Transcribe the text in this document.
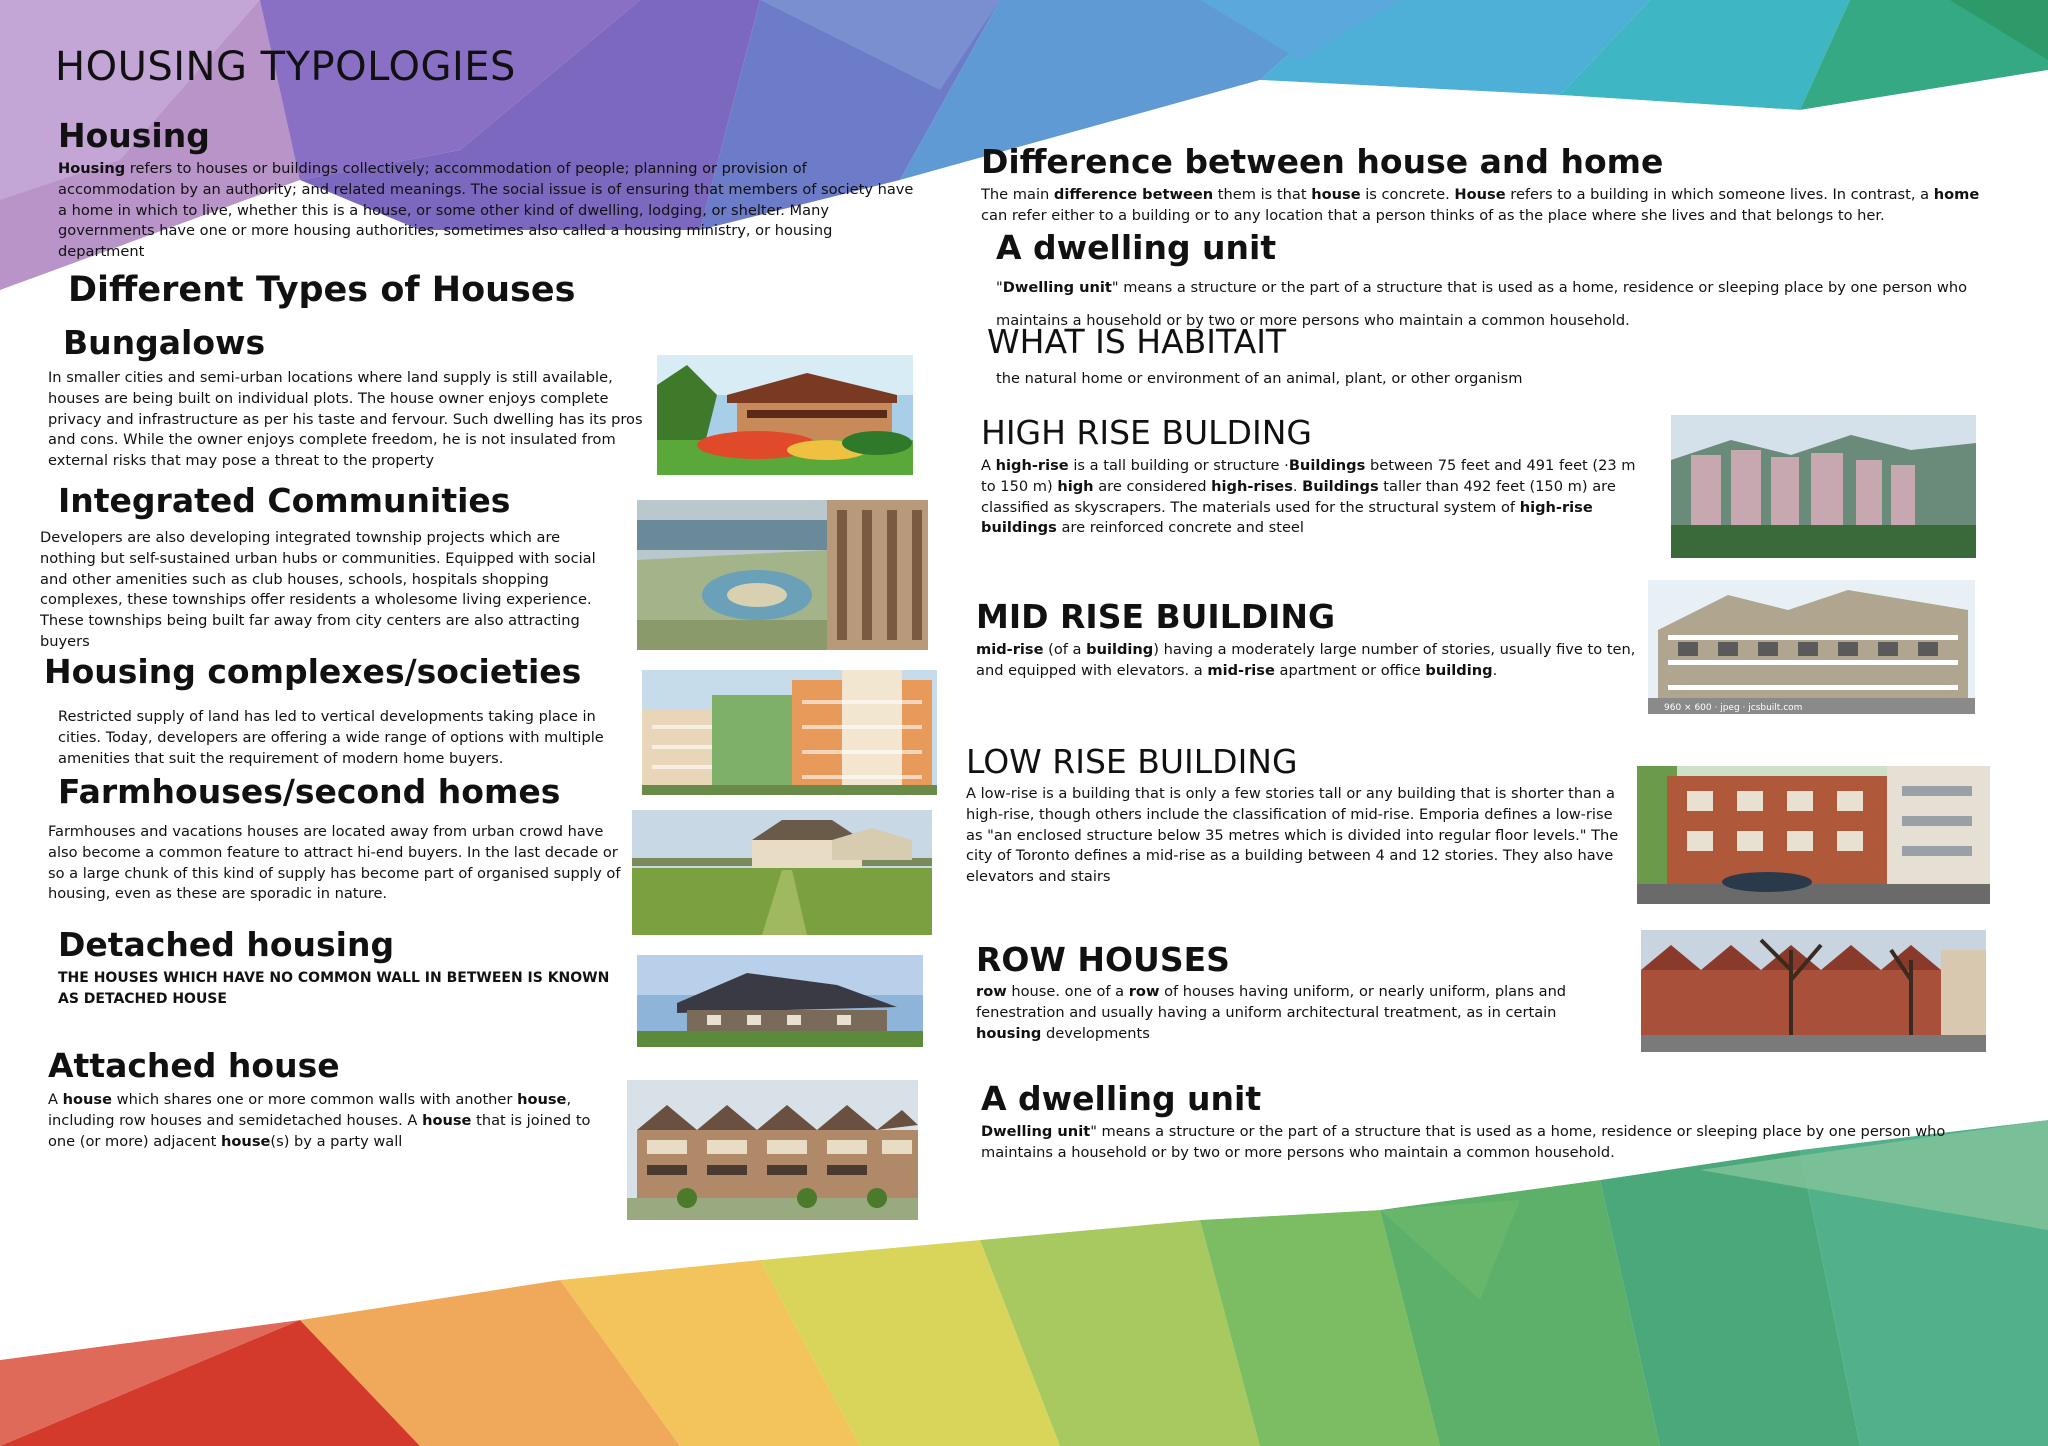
HOUSING TYPOLOGIES
Housing

Housing refers to houses or buildings collectively; accommodation of people; planning or provision of accommodation by an authority; and related meanings. The social issue is of ensuring that members of society have a home in which to live, whether this is a house, or some other kind of dwelling, lodging, or shelter. Many governments have one or more housing authorities, sometimes also called a housing ministry, or housing department

Different Types of Houses
Bungalows

In smaller cities and semi-urban locations where land supply is still available, houses are being built on individual plots. The house owner enjoys complete privacy and infrastructure as per his taste and fervour. Such dwelling has its pros and cons. While the owner enjoys complete freedom, he is not insulated from external risks that may pose a threat to the property

Integrated Communities

Developers are also developing integrated township projects which are nothing but self-sustained urban hubs or communities. Equipped with social and other amenities such as club houses, schools, hospitals shopping complexes, these townships offer residents a wholesome living experience. These townships being built far away from city centers are also attracting buyers

Housing complexes/societies

Restricted supply of land has led to vertical developments taking place in cities. Today, developers are offering a wide range of options with multiple amenities that suit the requirement of modern home buyers.

Farmhouses/second homes

Farmhouses and vacations houses are located away from urban crowd have also become a common feature to attract hi-end buyers. In the last decade or so a large chunk of this kind of supply has become part of organised supply of housing, even as these are sporadic in nature.

Detached housing

THE HOUSES WHICH HAVE NO COMMON WALL IN BETWEEN IS KNOWN AS DETACHED HOUSE

Attached house

A house which shares one or more common walls with another house, including row houses and semidetached houses. A house that is joined to one (or more) adjacent house(s) by a party wall

Difference between house and home

The main difference between them is that house is concrete. House refers to a building in which someone lives. In contrast, a home can refer either to a building or to any location that a person thinks of as the place where she lives and that belongs to her.

A dwelling unit

"Dwelling unit" means a structure or the part of a structure that is used as a home, residence or sleeping place by one person who maintains a household or by two or more persons who maintain a common household.

WHAT IS HABITAIT

the natural home or environment of an animal, plant, or other organism

HIGH RISE BULDING

A high-rise is a tall building or structure ·Buildings between 75 feet and 491 feet (23 m to 150 m) high are considered high-rises. Buildings taller than 492 feet (150 m) are classified as skyscrapers. The materials used for the structural system of high-rise buildings are reinforced concrete and steel

MID RISE BUILDING

mid-rise (of a building) having a moderately large number of stories, usually five to ten, and equipped with elevators. a mid-rise apartment or office building.

960 × 600 · jpeg · jcsbuilt.com
LOW RISE BUILDING

A low-rise is a building that is only a few stories tall or any building that is shorter than a high-rise, though others include the classification of mid-rise. Emporia defines a low-rise as "an enclosed structure below 35 metres which is divided into regular floor levels." The city of Toronto defines a mid-rise as a building between 4 and 12 stories. They also have elevators and stairs

ROW HOUSES

row house. one of a row of houses having uniform, or nearly uniform, plans and fenestration and usually having a uniform architectural treatment, as in certain housing developments

A dwelling unit

Dwelling unit" means a structure or the part of a structure that is used as a home, residence or sleeping place by one person who maintains a household or by two or more persons who maintain a common household.
